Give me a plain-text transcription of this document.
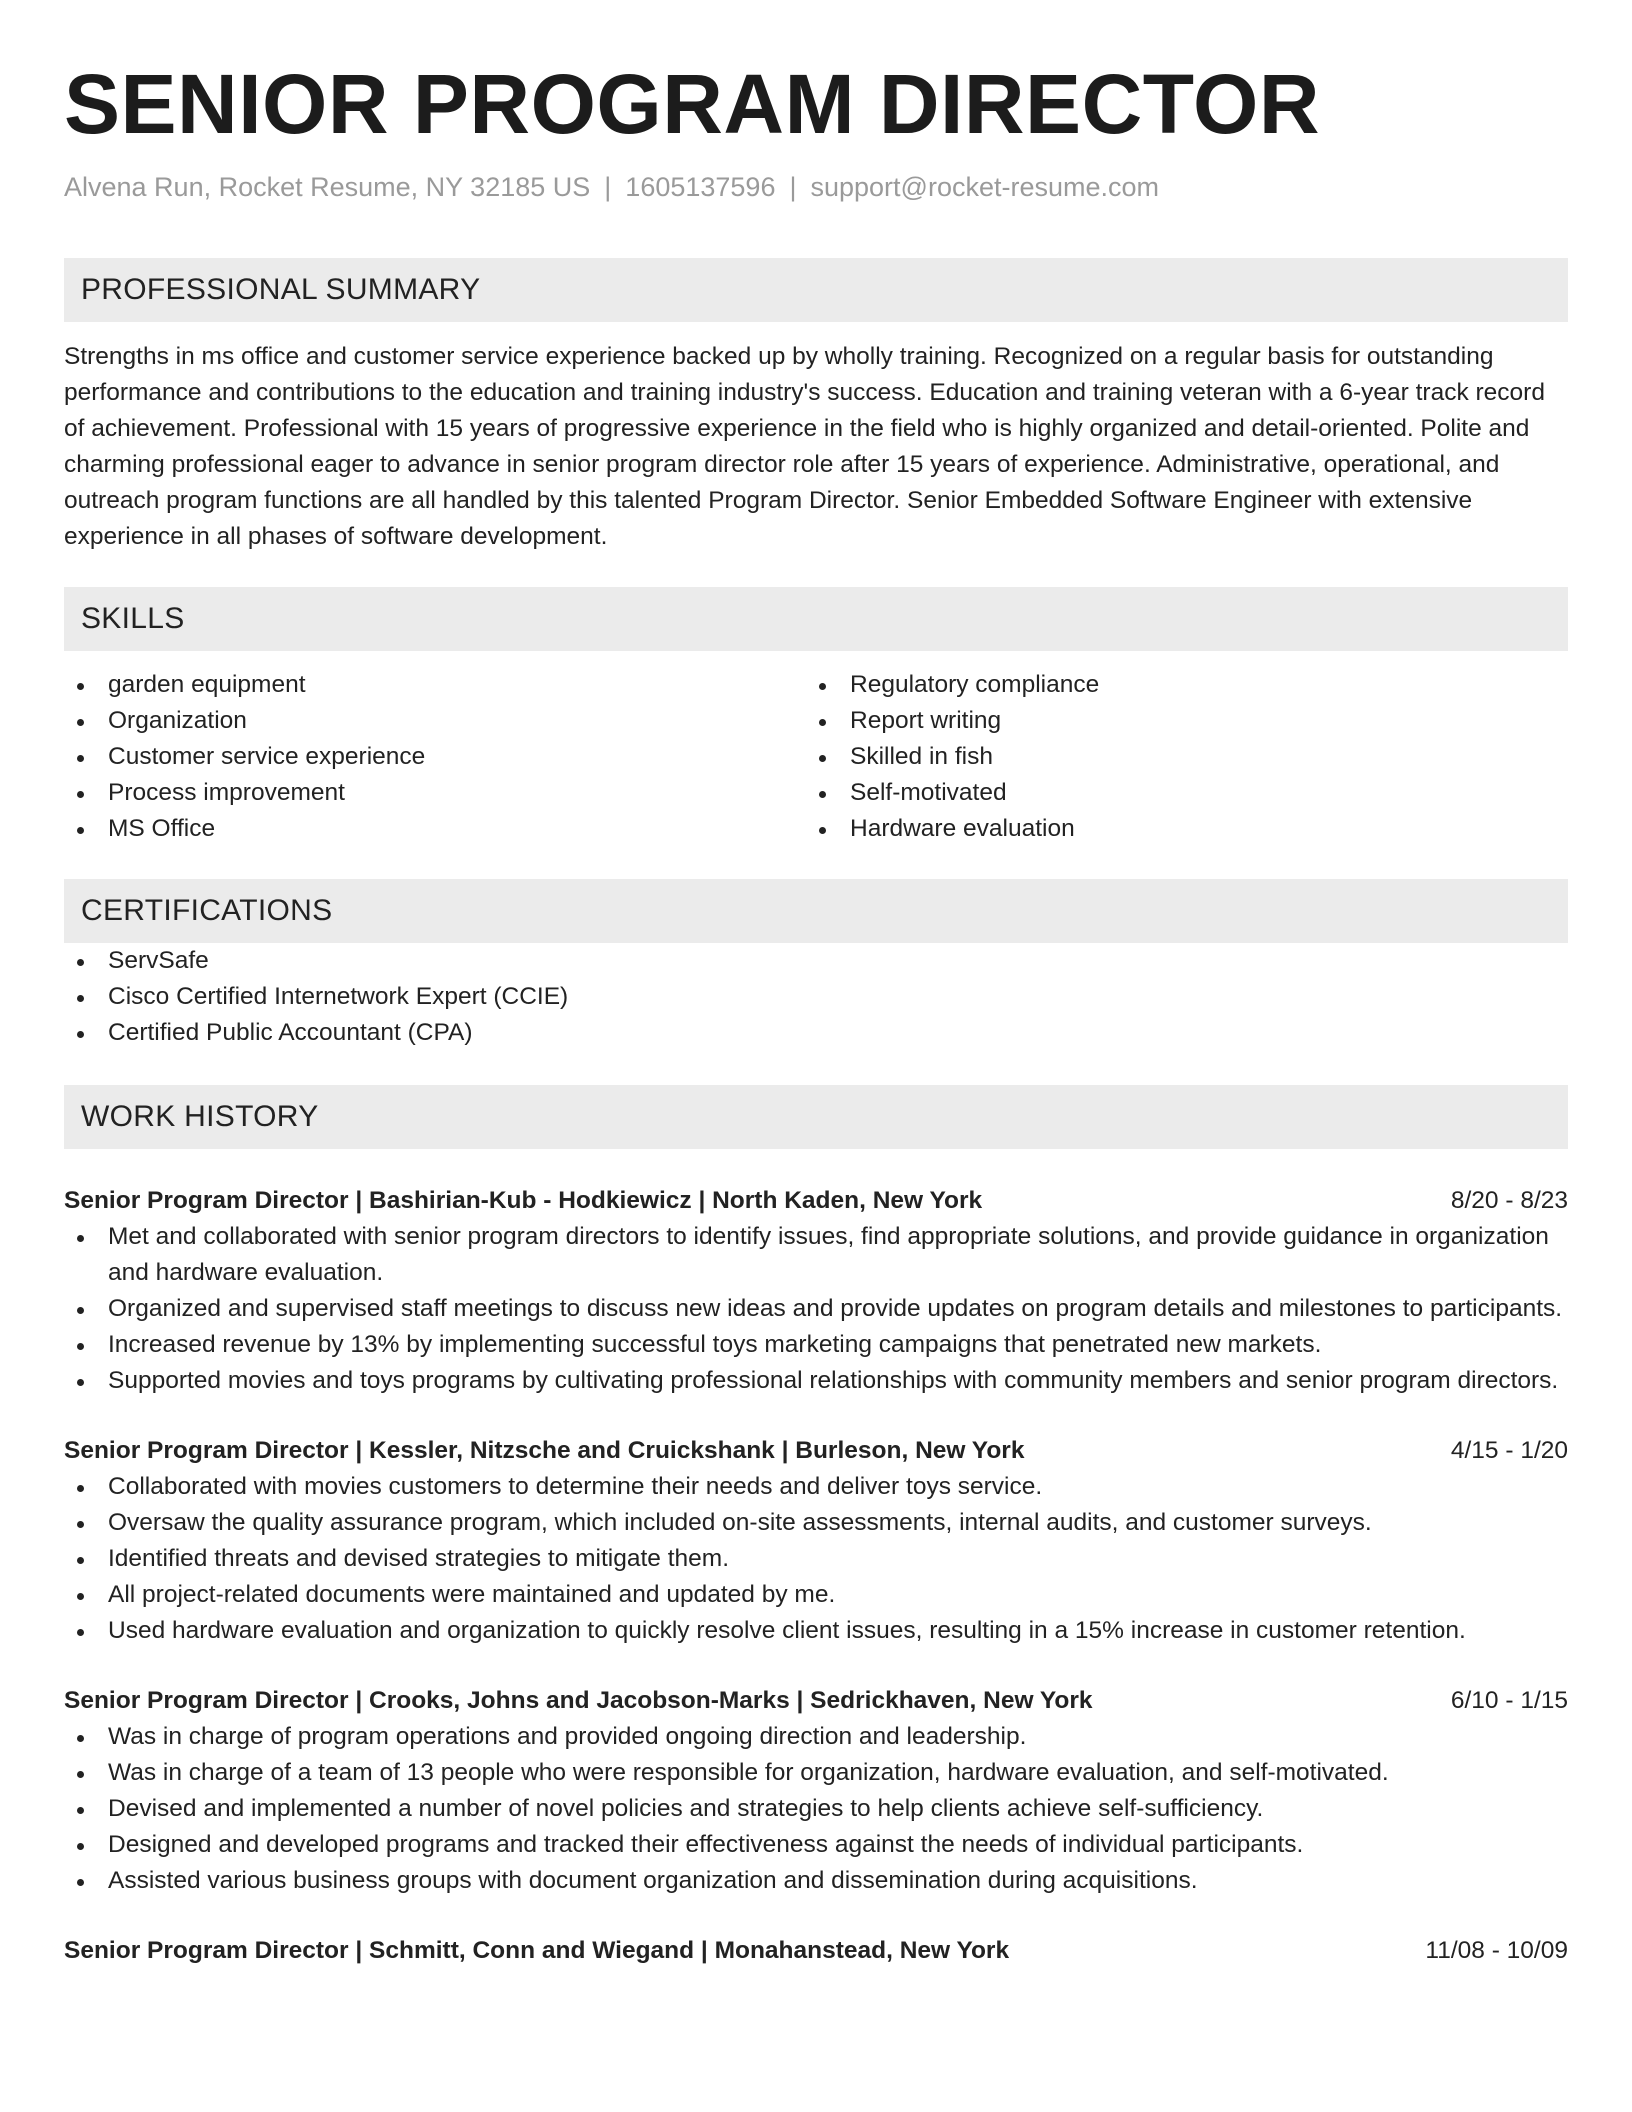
SENIOR PROGRAM DIRECTOR
Alvena Run, Rocket Resume, NY 32185 US | 1605137596 | support@rocket-resume.com
PROFESSIONAL SUMMARY

Strengths in ms office and customer service experience backed up by wholly training. Recognized on a regular basis for outstanding performance and contributions to the education and training industry's success. Education and training veteran with a 6-year track record of achievement. Professional with 15 years of progressive experience in the field who is highly organized and detail-oriented. Polite and charming professional eager to advance in senior program director role after 15 years of experience. Administrative, operational, and outreach program functions are all handled by this talented Program Director. Senior Embedded Software Engineer with extensive experience in all phases of software development.

SKILLS
garden equipment
Organization
Customer service experience
Process improvement
MS Office
Regulatory compliance
Report writing
Skilled in fish
Self-motivated
Hardware evaluation
CERTIFICATIONS
ServSafe
Cisco Certified Internetwork Expert (CCIE)
Certified Public Accountant (CPA)
WORK HISTORY
Senior Program Director | Bashirian-Kub - Hodkiewicz | North Kaden, New York	8/20 - 8/23
Met and collaborated with senior program directors to identify issues, find appropriate solutions, and provide guidance in organization and hardware evaluation.
Organized and supervised staff meetings to discuss new ideas and provide updates on program details and milestones to participants.
Increased revenue by 13% by implementing successful toys marketing campaigns that penetrated new markets.
Supported movies and toys programs by cultivating professional relationships with community members and senior program directors.
Senior Program Director | Kessler, Nitzsche and Cruickshank | Burleson, New York	4/15 - 1/20
Collaborated with movies customers to determine their needs and deliver toys service.
Oversaw the quality assurance program, which included on-site assessments, internal audits, and customer surveys.
Identified threats and devised strategies to mitigate them.
All project-related documents were maintained and updated by me.
Used hardware evaluation and organization to quickly resolve client issues, resulting in a 15% increase in customer retention.
Senior Program Director | Crooks, Johns and Jacobson-Marks | Sedrickhaven, New York	6/10 - 1/15
Was in charge of program operations and provided ongoing direction and leadership.
Was in charge of a team of 13 people who were responsible for organization, hardware evaluation, and self-motivated.
Devised and implemented a number of novel policies and strategies to help clients achieve self-sufficiency.
Designed and developed programs and tracked their effectiveness against the needs of individual participants.
Assisted various business groups with document organization and dissemination during acquisitions.
Senior Program Director | Schmitt, Conn and Wiegand | Monahanstead, New York	11/08 - 10/09
